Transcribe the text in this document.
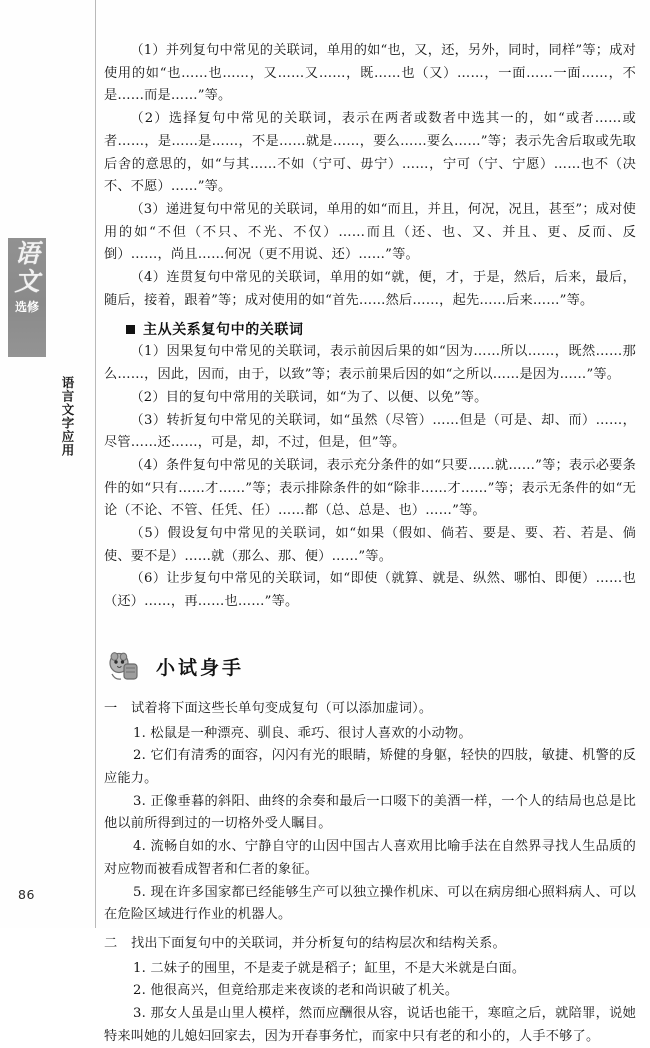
语文
选修
语言文字应用
86

（1）并列复句中常见的关联词，单用的如“也，又，还，另外，同时，同样”等；成对使用的如“也……也……，又……又……，既……也（又）……，一面……一面……，不是……而是……”等。

（2）选择复句中常见的关联词，表示在两者或数者中选其一的，如“或者……或者……，是……是……，不是……就是……，要么……要么……”等；表示先舍后取或先取后舍的意思的，如“与其……不如（宁可、毋宁）……，宁可（宁、宁愿）……也不（决不、不愿）……”等。

（3）递进复句中常见的关联词，单用的如“而且，并且，何况，况且，甚至”；成对使用的如“不但（不只、不光、不仅）……而且（还、也、又、并且、更、反而、反倒）……，尚且……何况（更不用说、还）……”等。

（4）连贯复句中常见的关联词，单用的如“就，便，才，于是，然后，后来，最后，随后，接着，跟着”等；成对使用的如“首先……然后……，起先……后来……”等。

主从关系复句中的关联词

（1）因果复句中常见的关联词，表示前因后果的如“因为……所以……，既然……那么……，因此，因而，由于，以致”等；表示前果后因的如“之所以……是因为……”等。

（2）目的复句中常用的关联词，如“为了、以便、以免”等。

（3）转折复句中常见的关联词，如“虽然（尽管）……但是（可是、却、而）……，尽管……还……，可是，却，不过，但是，但”等。

（4）条件复句中常见的关联词，表示充分条件的如“只要……就……”等；表示必要条件的如“只有……才……”等；表示排除条件的如“除非……才……”等；表示无条件的如“无论（不论、不管、任凭、任）……都（总、总是、也）……”等。

（5）假设复句中常见的关联词，如“如果（假如、倘若、要是、要、若、若是、倘使、要不是）……就（那么、那、便）……”等。

（6）让步复句中常见的关联词，如“即使（就算、就是、纵然、哪怕、即便）……也（还）……，再……也……”等。

小试身手
一 试着将下面这些长单句变成复句（可以添加虚词）。

1. 松鼠是一种漂亮、驯良、乖巧、很讨人喜欢的小动物。

2. 它们有清秀的面容，闪闪有光的眼睛，矫健的身躯，轻快的四肢，敏捷、机警的反应能力。

3. 正像垂暮的斜阳、曲终的余奏和最后一口啜下的美酒一样，一个人的结局也总是比他以前所得到过的一切格外受人瞩目。

4. 流畅自如的水、宁静自守的山因中国古人喜欢用比喻手法在自然界寻找人生品质的对应物而被看成智者和仁者的象征。

5. 现在许多国家都已经能够生产可以独立操作机床、可以在病房细心照料病人、可以在危险区域进行作业的机器人。

二 找出下面复句中的关联词，并分析复句的结构层次和结构关系。

1. 二妹子的囤里，不是麦子就是稻子；缸里，不是大米就是白面。

2. 他很高兴，但竟给那走来夜谈的老和尚识破了机关。

3. 那女人虽是山里人模样，然而应酬很从容，说话也能干，寒暄之后，就陪罪，说她特来叫她的儿媳妇回家去，因为开春事务忙，而家中只有老的和小的，人手不够了。
